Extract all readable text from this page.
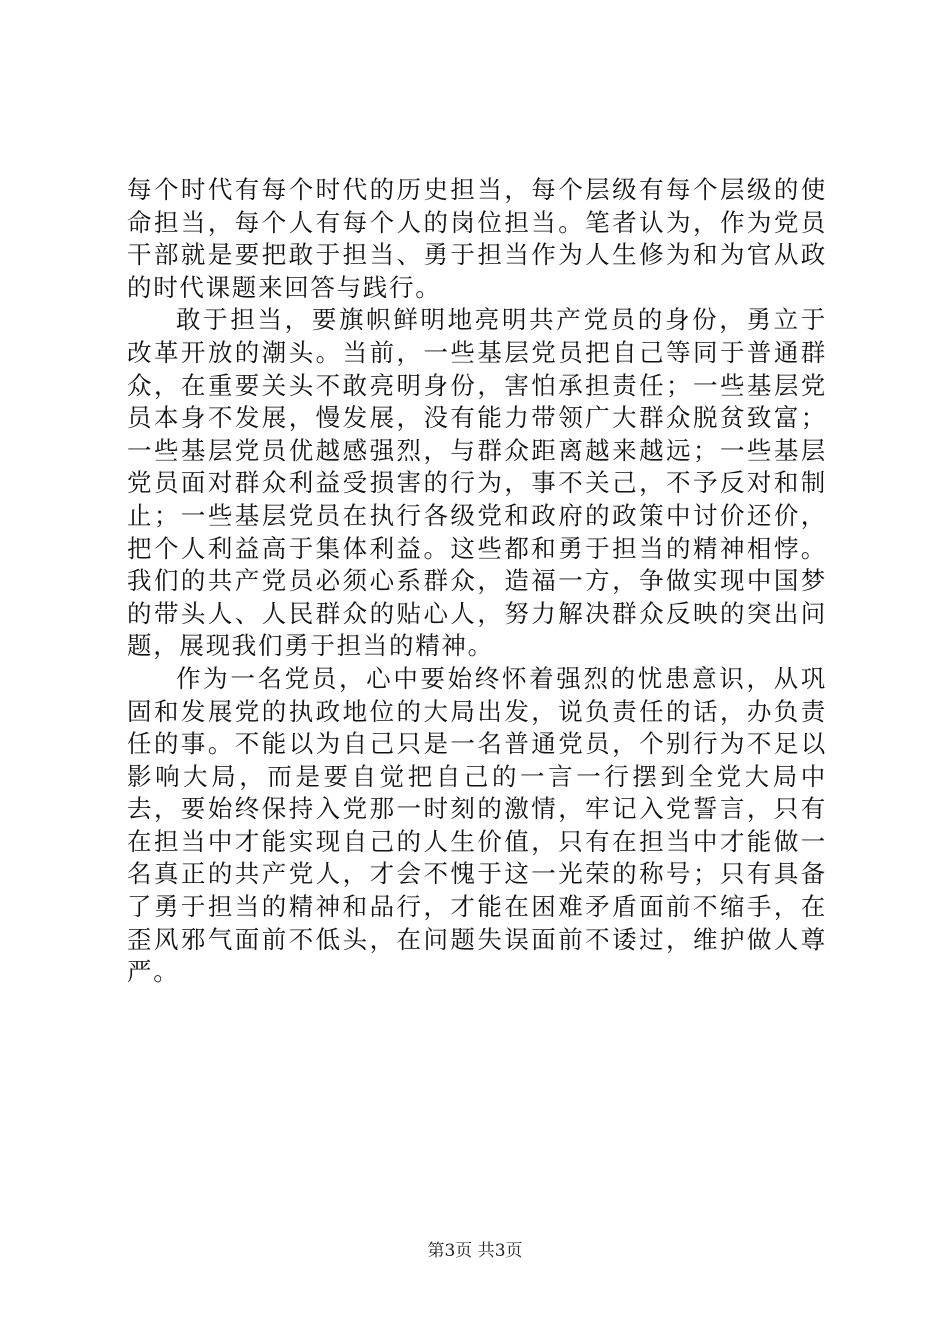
每个时代有每个时代的历史担当，每个层级有每个层级的使命担当，每个人有每个人的岗位担当。笔者认为，作为党员干部就是要把敢于担当、勇于担当作为人生修为和为官从政的时代课题来回答与践行。

敢于担当，要旗帜鲜明地亮明共产党员的身份，勇立于改革开放的潮头。当前，一些基层党员把自己等同于普通群众，在重要关头不敢亮明身份，害怕承担责任；一些基层党员本身不发展，慢发展，没有能力带领广大群众脱贫致富；一些基层党员优越感强烈，与群众距离越来越远；一些基层党员面对群众利益受损害的行为，事不关己，不予反对和制止；一些基层党员在执行各级党和政府的政策中讨价还价，把个人利益高于集体利益。这些都和勇于担当的精神相悖。我们的共产党员必须心系群众，造福一方，争做实现中国梦的带头人、人民群众的贴心人，努力解决群众反映的突出问题，展现我们勇于担当的精神。

作为一名党员，心中要始终怀着强烈的忧患意识，从巩固和发展党的执政地位的大局出发，说负责任的话，办负责任的事。不能以为自己只是一名普通党员，个别行为不足以影响大局，而是要自觉把自己的一言一行摆到全党大局中去，要始终保持入党那一时刻的激情，牢记入党誓言，只有在担当中才能实现自己的人生价值，只有在担当中才能做一名真正的共产党人，才会不愧于这一光荣的称号；只有具备了勇于担当的精神和品行，才能在困难矛盾面前不缩手，在歪风邪气面前不低头，在问题失误面前不诿过，维护做人尊严。

第3页 共3页
